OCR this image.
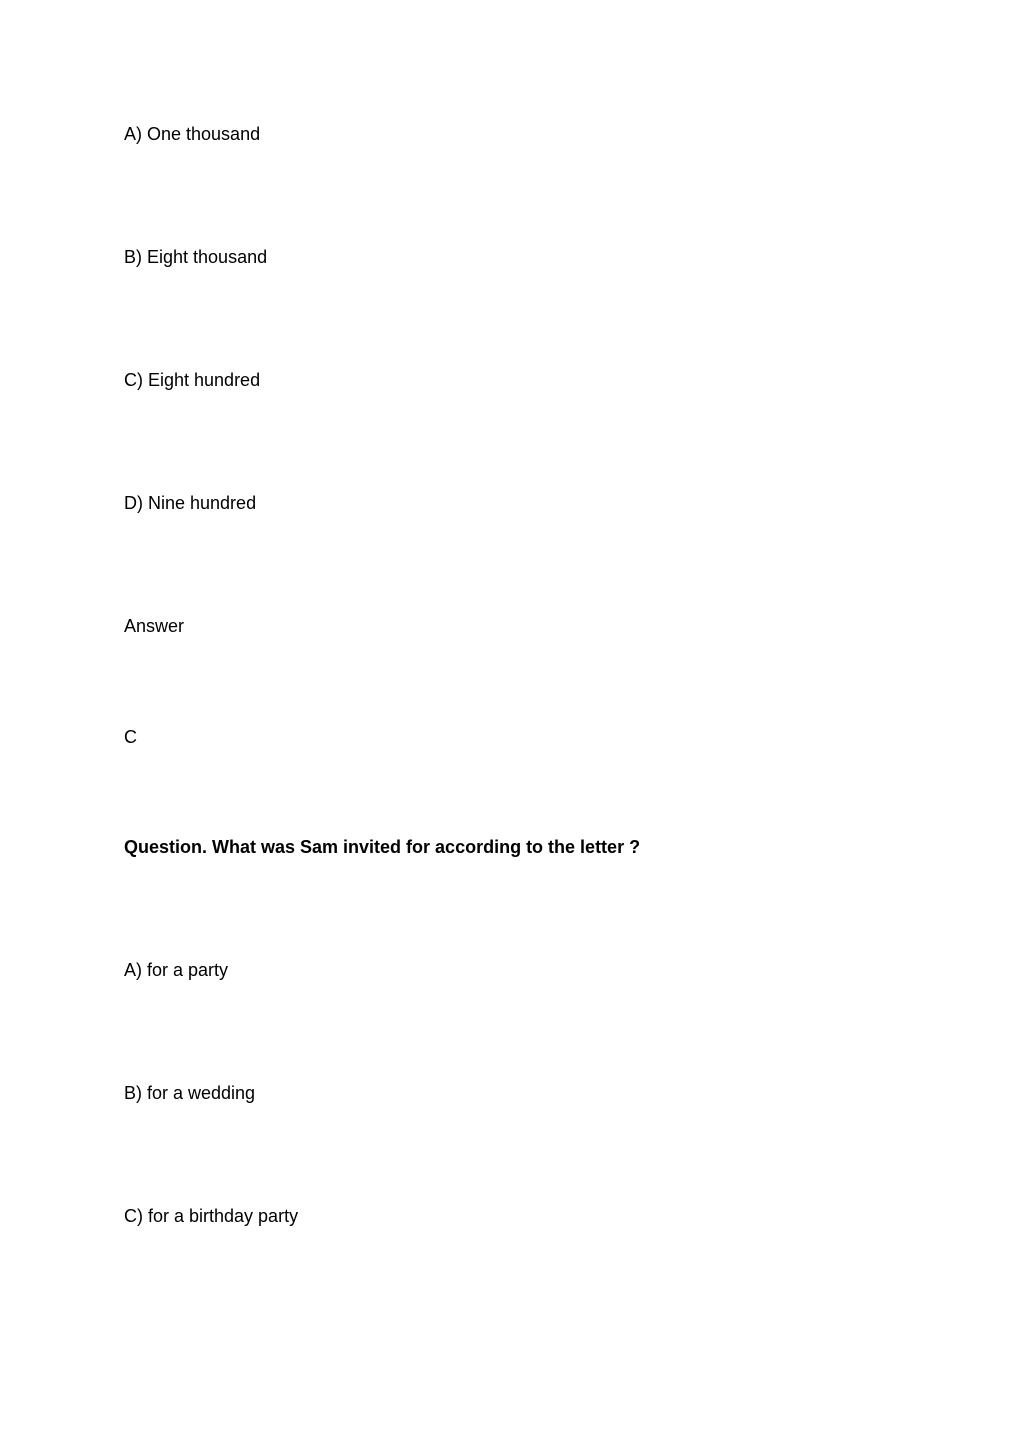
A) One thousand
B) Eight thousand
C) Eight hundred
D) Nine hundred
Answer
C
Question. What was Sam invited for according to the letter ?
A) for a party
B) for a wedding
C) for a birthday party
